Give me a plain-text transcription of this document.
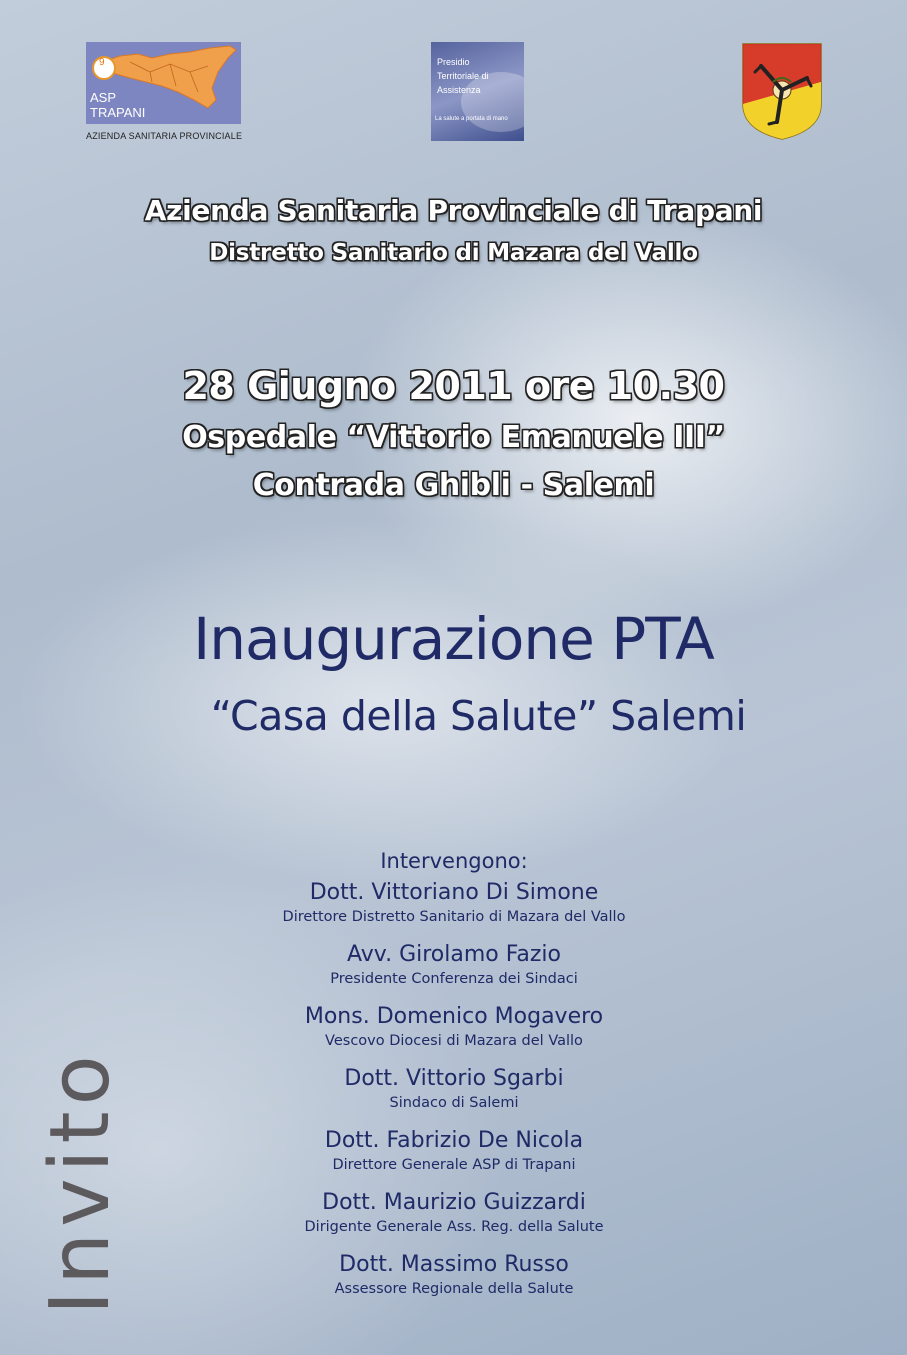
9
ASP
TRAPANI
AZIENDA SANITARIA PROVINCIALE
Presidio
Territoriale di
Assistenza
La salute a portata di mano
Azienda Sanitaria Provinciale di Trapani
Distretto Sanitario di Mazara del Vallo
28 Giugno 2011 ore 10.30
Ospedale “Vittorio Emanuele III”
Contrada Ghibli - Salemi
Inaugurazione PTA
“Casa della Salute” Salemi
Invito
Intervengono:
Dott. Vittoriano Di Simone
Direttore Distretto Sanitario di Mazara del Vallo
Avv. Girolamo Fazio
Presidente Conferenza dei Sindaci
Mons. Domenico Mogavero
Vescovo Diocesi di Mazara del Vallo
Dott. Vittorio Sgarbi
Sindaco di Salemi
Dott. Fabrizio De Nicola
Direttore Generale ASP di Trapani
Dott. Maurizio Guizzardi
Dirigente Generale Ass. Reg. della Salute
Dott. Massimo Russo
Assessore Regionale della Salute
